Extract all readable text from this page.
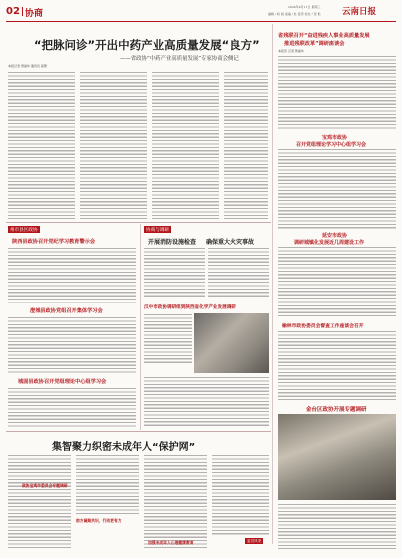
02 协商
2024年9月11日 星期三
编辑 / 杨 娟 美编 / 杜 爱萍 校对 / 贺 艳	云南日报
“把脉问诊”开出中药产业高质量发展“良方”
——省政协“中药产业高质量发展”专家协商会侧记
本报记者 曾丽华 通讯员 高慧
省残联召开“奋进残疾人事业高质量发展
推进残联改革”调研座谈会
本报讯 记者 曾丽华
宝鸡市政协
召开党组理论学习中心组学习会
延安市政协
调研城镇化发展近几周建设工作
榆林市政协委员会督查工作座谈会召开
金台区政协开展专题调研
州市县区政协
陕西县政协召开党纪学习教育警示会
澄城县政协党组召开集体学习会
城固县政协召开党组理论中心组学习会
协商与调研
开展消防设施检查 确保重大火灾事故
汉中市政协调研组到陕西省化学产业发展调研
集智聚力织密未成年人“保护网”
政协宝鸡市委员会专题调研
前方凝聚共识，行动更有力
加强未成年人心理健康教育	委员风采
